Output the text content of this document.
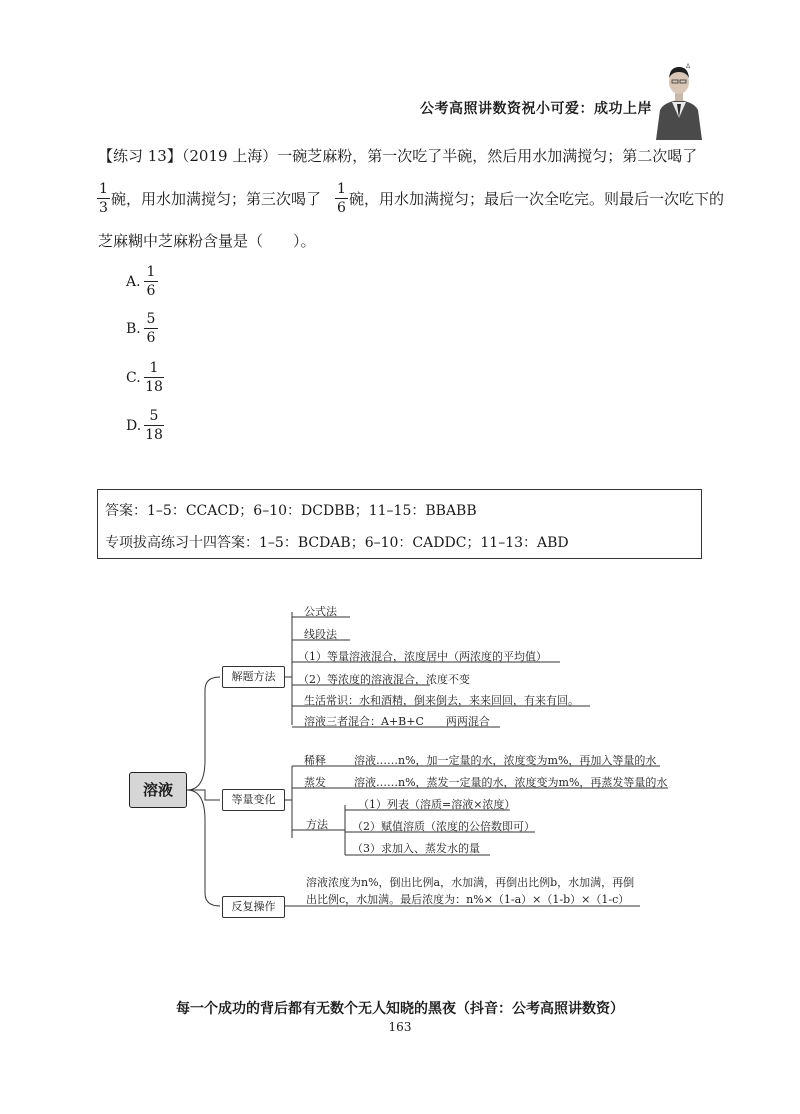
Δ
公考高照讲数资祝小可爱：成功上岸
【练习 13】（2019 上海）一碗芝麻粉，第一次吃了半碗，然后用水加满搅匀；第二次喝了
1
3 碗，用水加满搅匀；第三次喝了
1
6 碗，用水加满搅匀；最后一次全吃完。则最后一次吃下的
芝麻糊中芝麻粉含量是（　　）。
A.
1
6
B.
5
6
C.
1
18
D.
5
18
答案：1–5：CCACD；6–10：DCDBB；11–15：BBABB
专项拔高练习十四答案：1–5：BCDAB；6–10：CADDC；11–13：ABD
溶液
解题方法
公式法
线段法
（1）等量溶液混合，浓度居中（两浓度的平均值）
（2）等浓度的溶液混合，浓度不变
生活常识：水和酒精，倒来倒去，来来回回，有来有回。
溶液三者混合：A+B+C　　两两混合
等量变化
稀释	溶液……n%，加一定量的水，浓度变为m%，再加入等量的水
蒸发	溶液……n%，蒸发一定量的水，浓度变为m%，再蒸发等量的水
方法
（1）列表（溶质=溶液×浓度）
（2）赋值溶质（浓度的公倍数即可）
（3）求加入、蒸发水的量
反复操作
溶液浓度为n%，倒出比例a，水加满，再倒出比例b，水加满，再倒
出比例c，水加满。最后浓度为：n%×（1-a）×（1-b）×（1-c）
每一个成功的背后都有无数个无人知晓的黑夜（抖音：公考高照讲数资）
163
